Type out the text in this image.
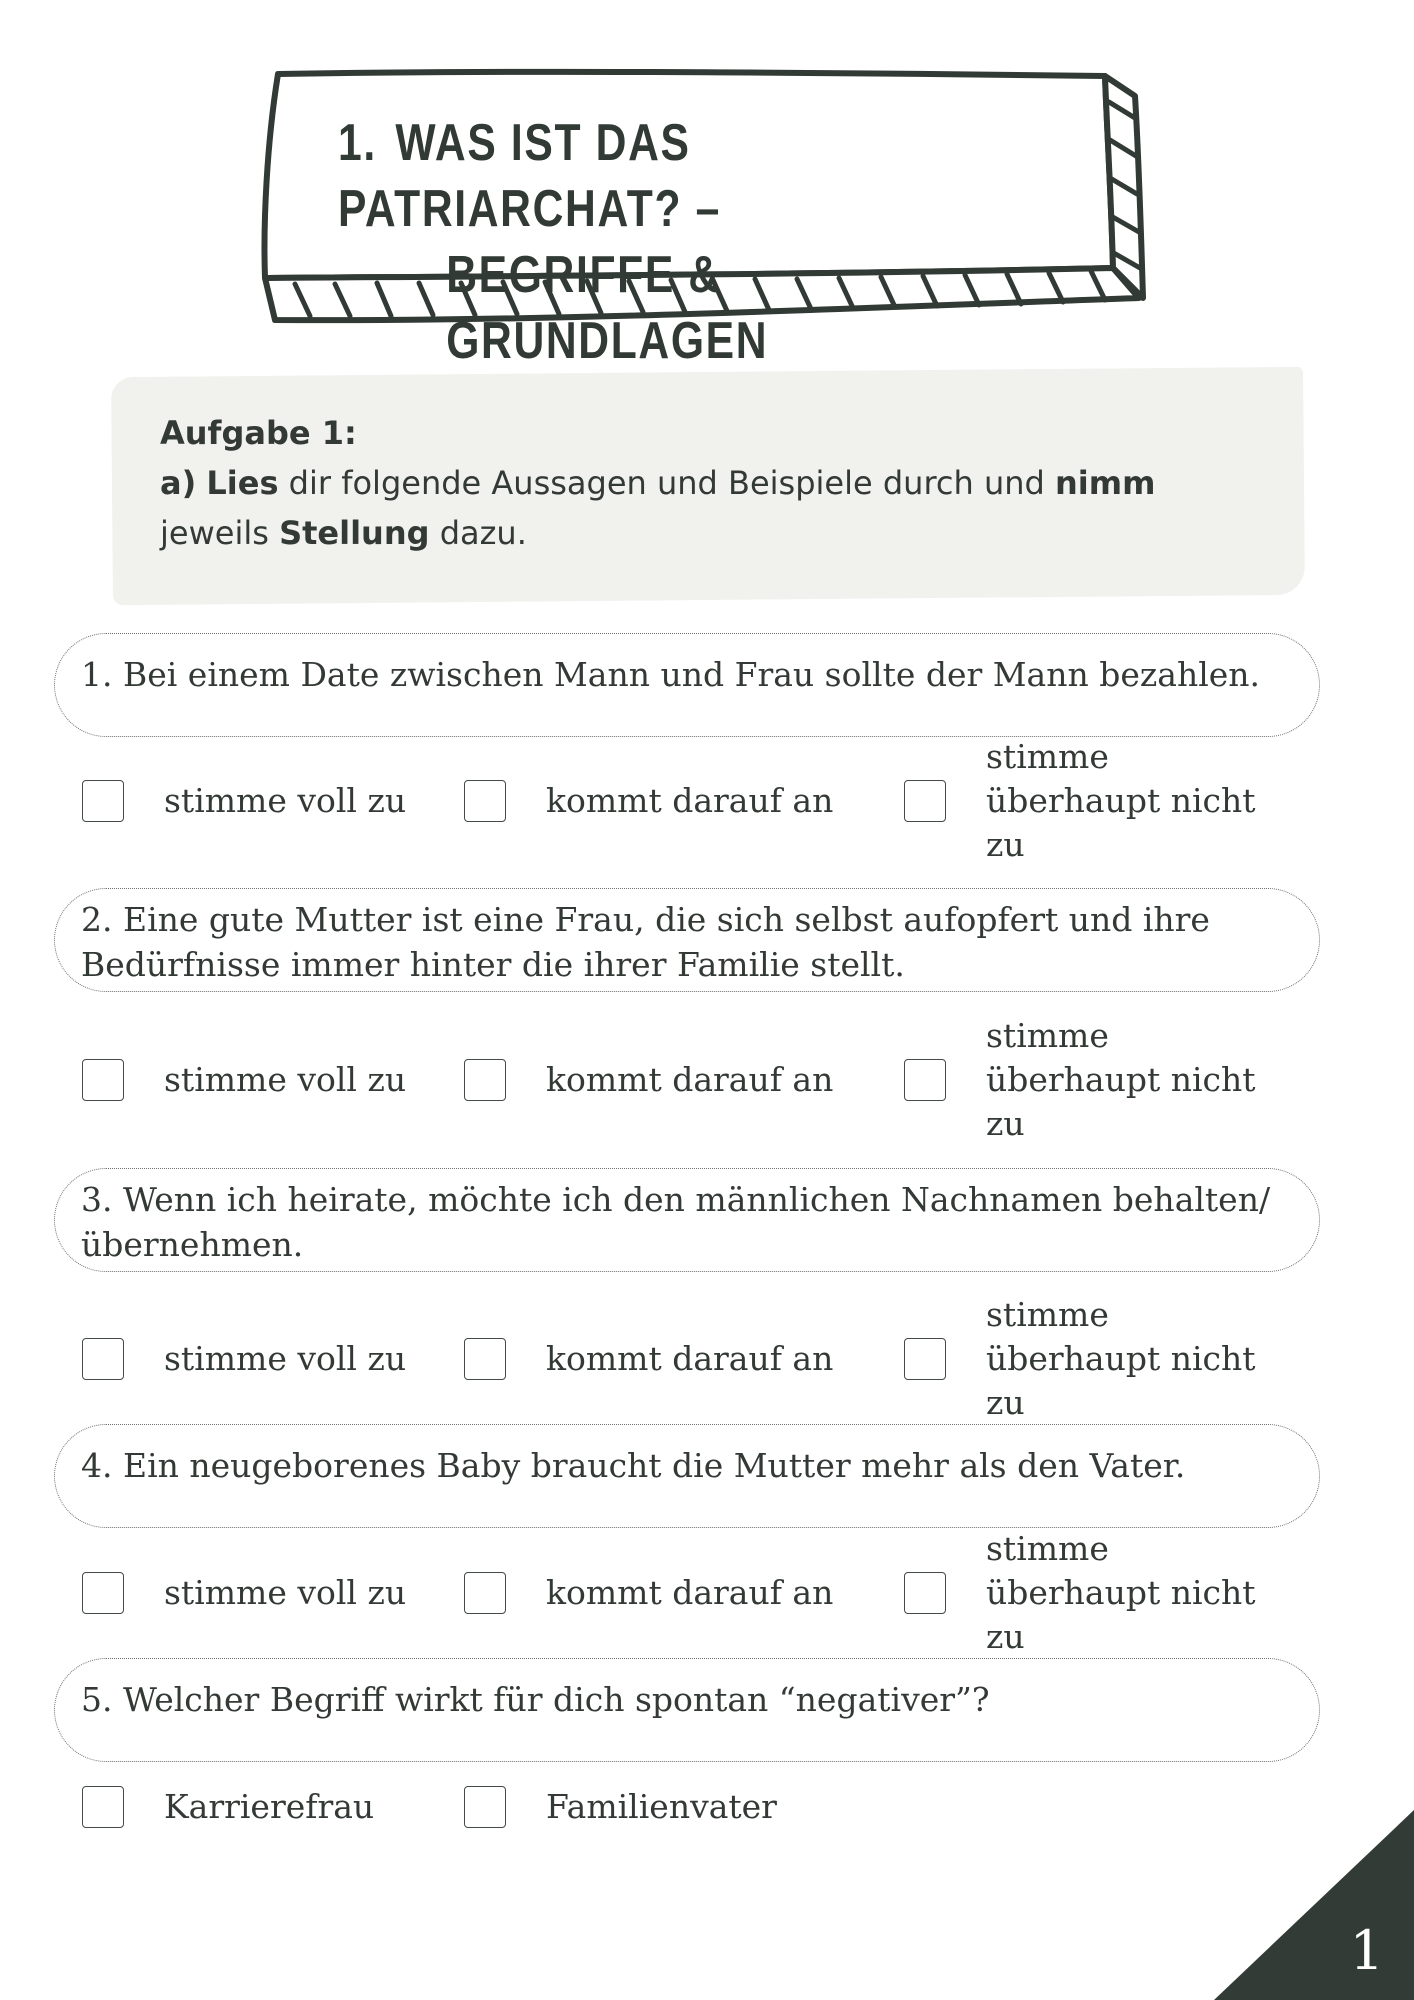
1. WAS IST DAS PATRIARCHAT? –
BEGRIFFE & GRUNDLAGEN
Aufgabe 1:
a) Lies dir folgende Aussagen und Beispiele durch und nimm
jeweils Stellung dazu.
1. Bei einem Date zwischen Mann und Frau sollte der Mann bezahlen.
stimme voll zu	kommt darauf an
stimme überhaupt nicht zu
2. Eine gute Mutter ist eine Frau, die sich selbst aufopfert und ihre Bedürfnisse immer hinter die ihrer Familie stellt.
stimme voll zu	kommt darauf an
stimme überhaupt nicht zu
3. Wenn ich heirate, möchte ich den männlichen Nachnamen behalten/ übernehmen.
stimme voll zu	kommt darauf an
stimme überhaupt nicht zu
4. Ein neugeborenes Baby braucht die Mutter mehr als den Vater.
stimme voll zu	kommt darauf an
stimme überhaupt nicht zu
5. Welcher Begriff wirkt für dich spontan “negativer”?
Karrierefrau	Familienvater
1
